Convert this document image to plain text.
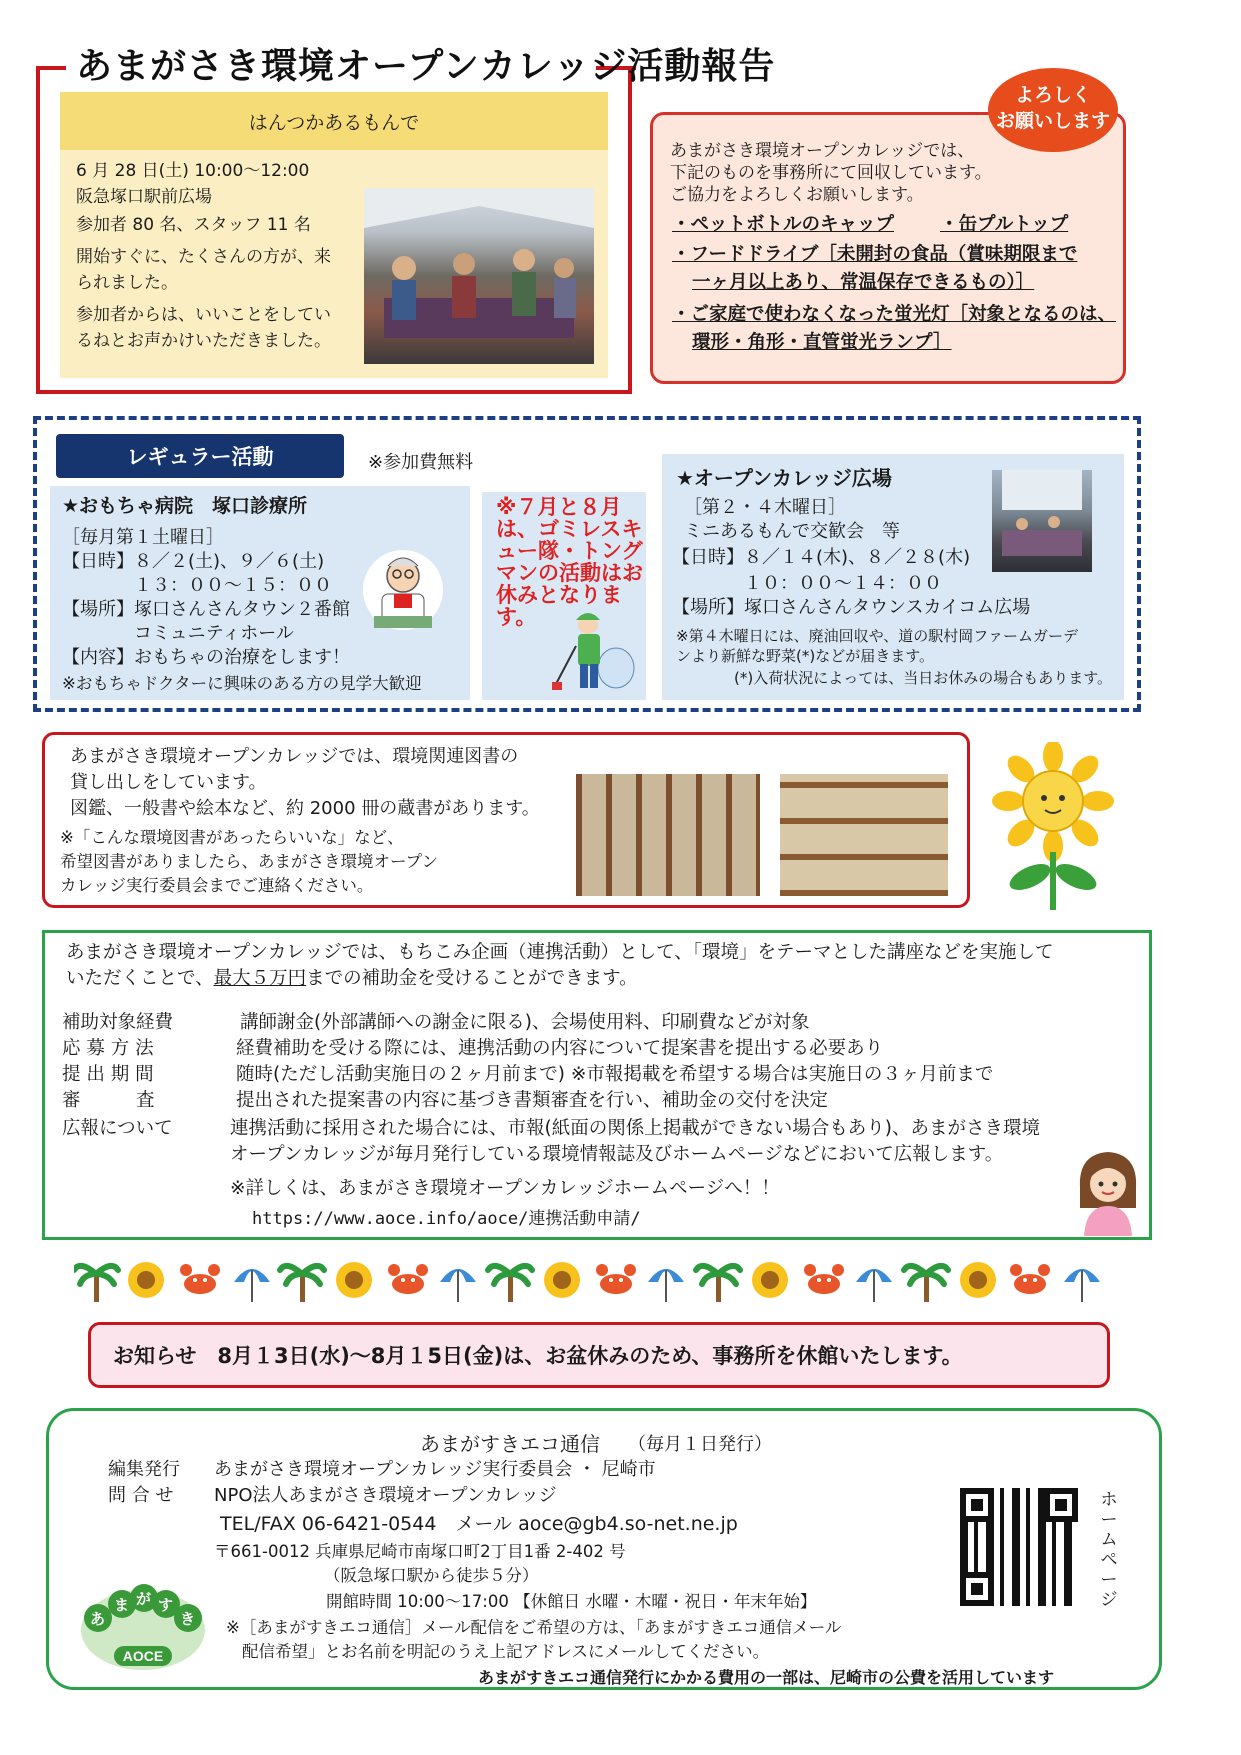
あまがさき環境オープンカレッジ活動報告
はんつかあるもんで
6 月 28 日(土) 10:00～12:00
阪急塚口駅前広場
参加者 80 名、スタッフ 11 名
開始すぐに、たくさんの方が、来
られました。
参加者からは、いいことをしてい
るねとお声かけいただきました。
よろしく
お願いします
あまがさき環境オープンカレッジでは、
下記のものを事務所にて回収しています。
ご協力をよろしくお願いします。
・ペットボトルのキャップ ・缶プルトップ
・フードドライブ［未開封の食品（賞味期限まで
一ヶ月以上あり、常温保存できるもの）］
・ご家庭で使わなくなった蛍光灯［対象となるのは、
環形・角形・直管蛍光ランプ］
レギュラー活動	※参加費無料
★おもちゃ病院　塚口診療所
［毎月第１土曜日］
【日時】８／２(土)、９／６(土)
　　　　１３：００～１５：００
【場所】塚口さんさんタウン２番館
　　　　コミュニティホール
【内容】おもちゃの治療をします！
※おもちゃドクターに興味のある方の見学大歓迎
※７月と８月は、ゴミレスキュー隊・トングマンの活動はお休みとなります。
★オープンカレッジ広場
［第２・４木曜日］
ミニあるもんで交歓会　等
【日時】８／１４(木)、８／２８(木)
　　　　１０：００～１４：００
【場所】塚口さんさんタウンスカイコム広場
※第４木曜日には、廃油回収や、道の駅村岡ファームガーデ
ンより新鮮な野菜(*)などが届きます。
(*)入荷状況によっては、当日お休みの場合もあります。
あまがさき環境オープンカレッジでは、環境関連図書の
貸し出しをしています。
図鑑、一般書や絵本など、約 2000 冊の蔵書があります。
※「こんな環境図書があったらいいな」など、
希望図書がありましたら、あまがさき環境オープン
カレッジ実行委員会までご連絡ください。
あまがさき環境オープンカレッジでは、もちこみ企画（連携活動）として、「環境」をテーマとした講座などを実施して
いただくことで、最大５万円までの補助金を受けることができます。
補助対象経費	講師謝金(外部講師への謝金に限る)、会場使用料、印刷費などが対象
応 募 方 法	経費補助を受ける際には、連携活動の内容について提案書を提出する必要あり
提 出 期 間	随時(ただし活動実施日の２ヶ月前まで) ※市報掲載を希望する場合は実施日の３ヶ月前まで
審　　　査	提出された提案書の内容に基づき書類審査を行い、補助金の交付を決定
広報について	連携活動に採用された場合には、市報(紙面の関係上掲載ができない場合もあり)、あまがさき環境
オープンカレッジが毎月発行している環境情報誌及びホームページなどにおいて広報します。
※詳しくは、あまがさき環境オープンカレッジホームページへ！！
https://www.aoce.info/aoce/連携活動申請/
お知らせ　8月１3日(水)～8月１5日(金)は、お盆休みのため、事務所を休館いたします。
あまがすきエコ通信 （毎月１日発行）
編集発行 あまがさき環境オープンカレッジ実行委員会 ・ 尼崎市
問 合 せ NPO法人あまがさき環境オープンカレッジ
TEL/FAX 06-6421-0544　メール aoce@gb4.so-net.ne.jp
〒661-0012 兵庫県尼崎市南塚口町2丁目1番 2-402 号
（阪急塚口駅から徒歩５分）
開館時間 10:00～17:00 【休館日 水曜・木曜・祝日・年末年始】
※［あまがすきエコ通信］メール配信をご希望の方は、「あまがすきエコ通信メール
配信希望」とお名前を明記のうえ上記アドレスにメールしてください。
あまがすきエコ通信発行にかかる費用の一部は、尼崎市の公費を活用しています
あ
ま が す
き
AOCE
ホームページ
